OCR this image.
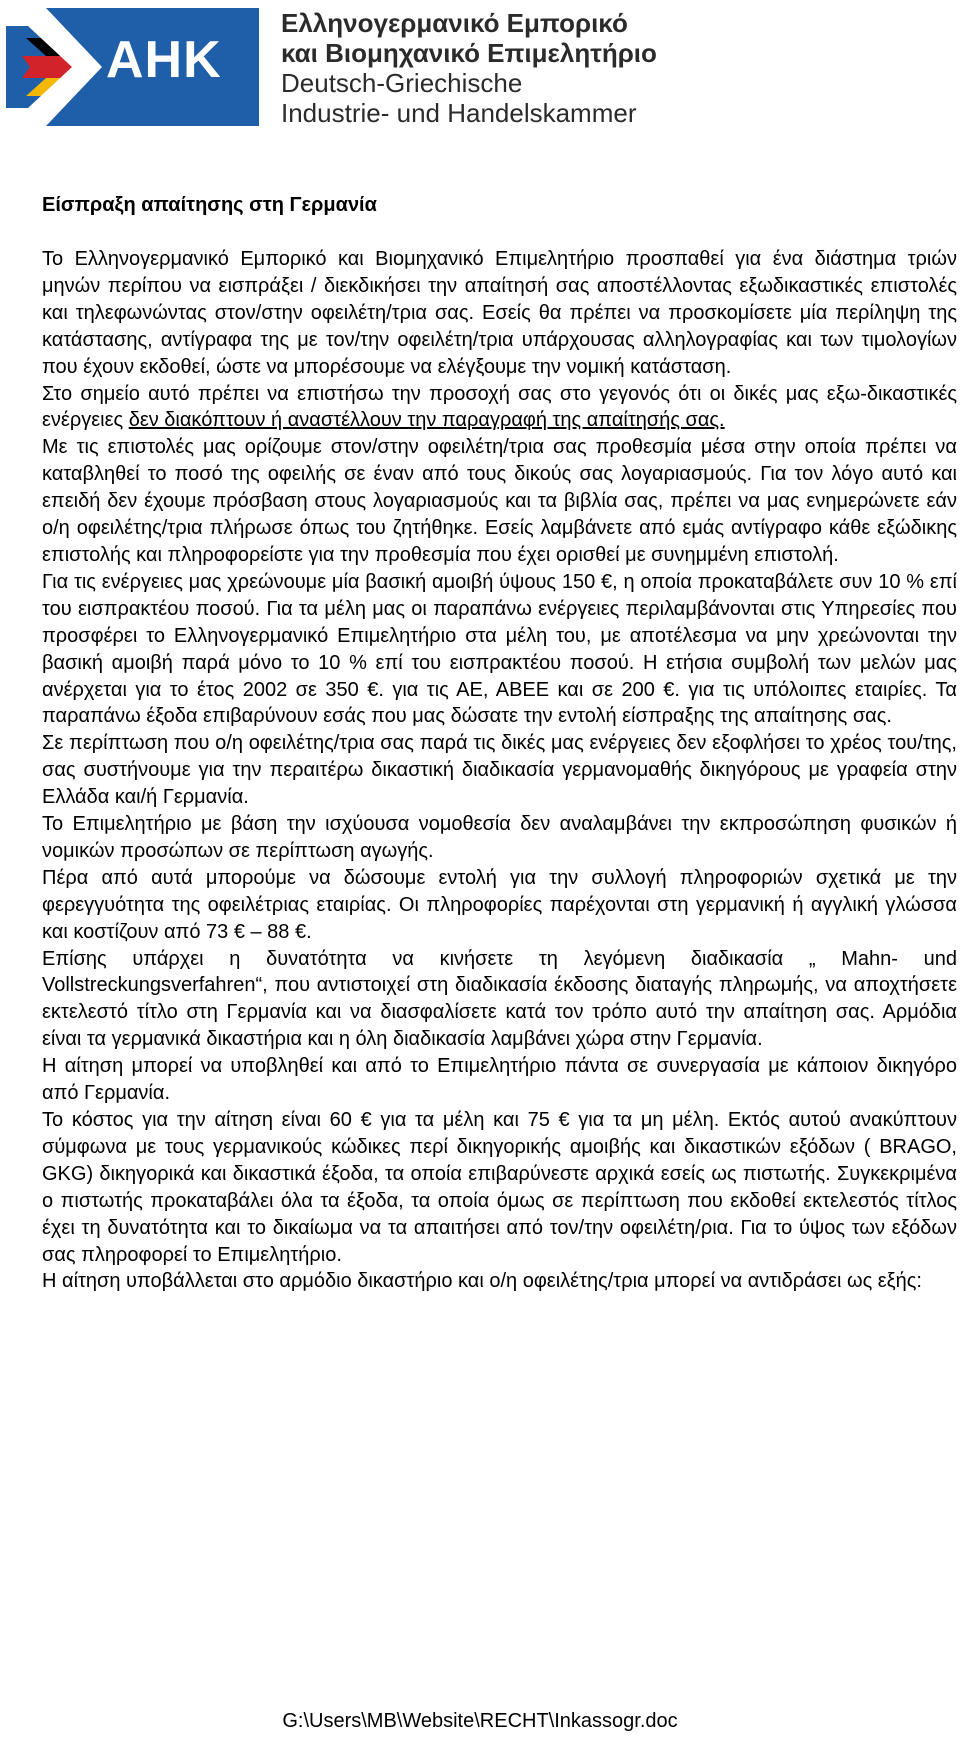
AHK
Ελληνογερμανικό Εμπορικό
και Βιομηχανικό Επιμελητήριο
Deutsch-Griechische
Industrie- und Handelskammer
Είσπραξη απαίτησης στη Γερμανία

Το Ελληνογερμανικό Εμπορικό και Βιομηχανικό Επιμελητήριο προσπαθεί για ένα διάστημα τριών μηνών περίπου να εισπράξει / διεκδικήσει την απαίτησή σας αποστέλλοντας εξωδικαστικές επιστολές και τηλεφωνώντας στον/στην οφειλέτη/τρια σας. Εσείς θα πρέπει να προσκομίσετε μία περίληψη της κατάστασης, αντίγραφα της με τον/την οφειλέτη/τρια υπάρχουσας αλληλογραφίας και των τιμολογίων που έχουν εκδοθεί, ώστε να μπορέσουμε να ελέγξουμε την νομική κατάσταση.

Στο σημείο αυτό πρέπει να επιστήσω την προσοχή σας στο γεγονός ότι οι δικές μας εξω-δικαστικές ενέργειες δεν διακόπτουν ή αναστέλλουν την παραγραφή της απαίτησής σας.

Με τις επιστολές μας ορίζουμε στον/στην οφειλέτη/τρια σας προθεσμία μέσα στην οποία πρέπει να καταβληθεί το ποσό της οφειλής σε έναν από τους δικούς σας λογαριασμούς. Για τον λόγο αυτό και επειδή δεν έχουμε πρόσβαση στους λογαριασμούς και τα βιβλία σας, πρέπει να μας ενημερώνετε εάν ο/η οφειλέτης/τρια πλήρωσε όπως του ζητήθηκε. Εσείς λαμβάνετε από εμάς αντίγραφο κάθε εξώδικης επιστολής και πληροφορείστε για την προθεσμία που έχει ορισθεί με συνημμένη επιστολή.

Για τις ενέργειες μας χρεώνουμε μία βασική αμοιβή ύψους 150 €, η οποία προκαταβάλετε συν 10 % επί του εισπρακτέου ποσού. Για τα μέλη μας οι παραπάνω ενέργειες περιλαμβάνονται στις Υπηρεσίες που προσφέρει το Ελληνογερμανικό Επιμελητήριο στα μέλη του, με αποτέλεσμα να μην χρεώνονται την βασική αμοιβή παρά μόνο το 10 % επί του εισπρακτέου ποσού. Η ετήσια συμβολή των μελών μας ανέρχεται για το έτος 2002 σε 350 €. για τις ΑΕ, ΑΒΕΕ και σε 200 €. για τις υπόλοιπες εταιρίες. Τα παραπάνω έξοδα επιβαρύνουν εσάς που μας δώσατε την εντολή είσπραξης της απαίτησης σας.

Σε περίπτωση που ο/η οφειλέτης/τρια σας παρά τις δικές μας ενέργειες δεν εξοφλήσει το χρέος του/της, σας συστήνουμε για την περαιτέρω δικαστική διαδικασία γερμανομαθής δικηγόρους με γραφεία στην Ελλάδα και/ή Γερμανία.

Το Επιμελητήριο με βάση την ισχύουσα νομοθεσία δεν αναλαμβάνει την εκπροσώπηση φυσικών ή νομικών προσώπων σε περίπτωση αγωγής.

Πέρα από αυτά μπορούμε να δώσουμε εντολή για την συλλογή πληροφοριών σχετικά με την φερεγγυότητα της οφειλέτριας εταιρίας. Οι πληροφορίες παρέχονται στη γερμανική ή αγγλική γλώσσα και κοστίζουν από 73 € – 88 €.

Επίσης υπάρχει η δυνατότητα να κινήσετε τη λεγόμενη διαδικασία „ Mahn- und Vollstreckungsverfahren“, που αντιστοιχεί στη διαδικασία έκδοσης διαταγής πληρωμής, να αποχτήσετε εκτελεστό τίτλο στη Γερμανία και να διασφαλίσετε κατά τον τρόπο αυτό την απαίτηση σας. Αρμόδια είναι τα γερμανικά δικαστήρια και η όλη διαδικασία λαμβάνει χώρα στην Γερμανία.

Η αίτηση μπορεί να υποβληθεί και από το Επιμελητήριο πάντα σε συνεργασία με κάποιον δικηγόρο από Γερμανία.

Το κόστος για την αίτηση είναι 60 € για τα μέλη και 75 € για τα μη μέλη. Εκτός αυτού ανακύπτουν σύμφωνα με τους γερμανικούς κώδικες περί δικηγορικής αμοιβής και δικαστικών εξόδων ( BRAGO, GKG) δικηγορικά και δικαστικά έξοδα, τα οποία επιβαρύνεστε αρχικά εσείς ως πιστωτής. Συγκεκριμένα ο πιστωτής προκαταβάλει όλα τα έξοδα, τα οποία όμως σε περίπτωση που εκδοθεί εκτελεστός τίτλος έχει τη δυνατότητα και το δικαίωμα να τα απαιτήσει από τον/την οφειλέτη/ρια. Για το ύψος των εξόδων σας πληροφορεί το Επιμελητήριο.

Η αίτηση υποβάλλεται στο αρμόδιο δικαστήριο και ο/η οφειλέτης/τρια μπορεί να αντιδράσει ως εξής:

G:\Users\MB\Website\RECHT\Inkassogr.doc
